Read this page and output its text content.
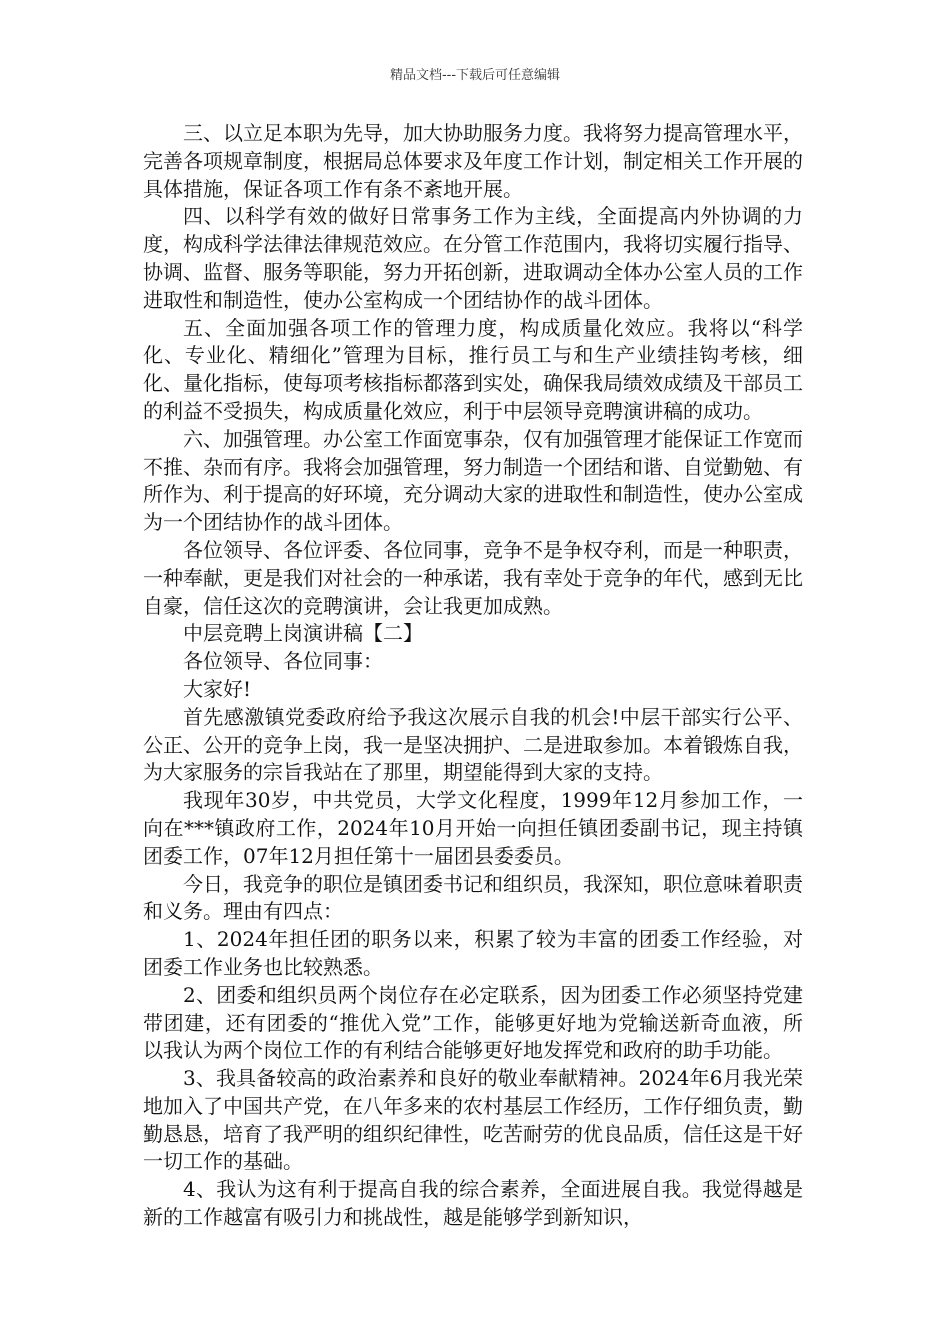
精品文档---下载后可任意编辑

三、以立足本职为先导，加大协助服务力度。我将努力提高管理水平，完善各项规章制度，根据局总体要求及年度工作计划，制定相关工作开展的具体措施，保证各项工作有条不紊地开展。

四、以科学有效的做好日常事务工作为主线，全面提高内外协调的力度，构成科学法律法律规范效应。在分管工作范围内，我将切实履行指导、协调、监督、服务等职能，努力开拓创新，进取调动全体办公室人员的工作进取性和制造性，使办公室构成一个团结协作的战斗团体。

五、全面加强各项工作的管理力度，构成质量化效应。我将以“科学化、专业化、精细化”管理为目标，推行员工与和生产业绩挂钩考核，细化、量化指标，使每项考核指标都落到实处，确保我局绩效成绩及干部员工的利益不受损失，构成质量化效应，利于中层领导竞聘演讲稿的成功。

六、加强管理。办公室工作面宽事杂，仅有加强管理才能保证工作宽而不推、杂而有序。我将会加强管理，努力制造一个团结和谐、自觉勤勉、有所作为、利于提高的好环境，充分调动大家的进取性和制造性，使办公室成为一个团结协作的战斗团体。

各位领导、各位评委、各位同事，竞争不是争权夺利，而是一种职责，一种奉献，更是我们对社会的一种承诺，我有幸处于竞争的年代，感到无比自豪，信任这次的竞聘演讲，会让我更加成熟。

中层竞聘上岗演讲稿【二】

各位领导、各位同事：

大家好!

首先感激镇党委政府给予我这次展示自我的机会!中层干部实行公平、公正、公开的竞争上岗，我一是坚决拥护、二是进取参加。本着锻炼自我，为大家服务的宗旨我站在了那里，期望能得到大家的支持。

我现年30岁，中共党员，大学文化程度，1999年12月参加工作，一向在***镇政府工作，2024年10月开始一向担任镇团委副书记，现主持镇团委工作，07年12月担任第十一届团县委委员。

今日，我竞争的职位是镇团委书记和组织员，我深知，职位意味着职责和义务。理由有四点：

1、2024年担任团的职务以来，积累了较为丰富的团委工作经验，对团委工作业务也比较熟悉。

2、团委和组织员两个岗位存在必定联系，因为团委工作必须坚持党建带团建，还有团委的“推优入党”工作，能够更好地为党输送新奇血液，所以我认为两个岗位工作的有利结合能够更好地发挥党和政府的助手功能。

3、我具备较高的政治素养和良好的敬业奉献精神。2024年6月我光荣地加入了中国共产党，在八年多来的农村基层工作经历，工作仔细负责，勤勤恳恳，培育了我严明的组织纪律性，吃苦耐劳的优良品质，信任这是干好一切工作的基础。

4、我认为这有利于提高自我的综合素养，全面进展自我。我觉得越是新的工作越富有吸引力和挑战性，越是能够学到新知识，
